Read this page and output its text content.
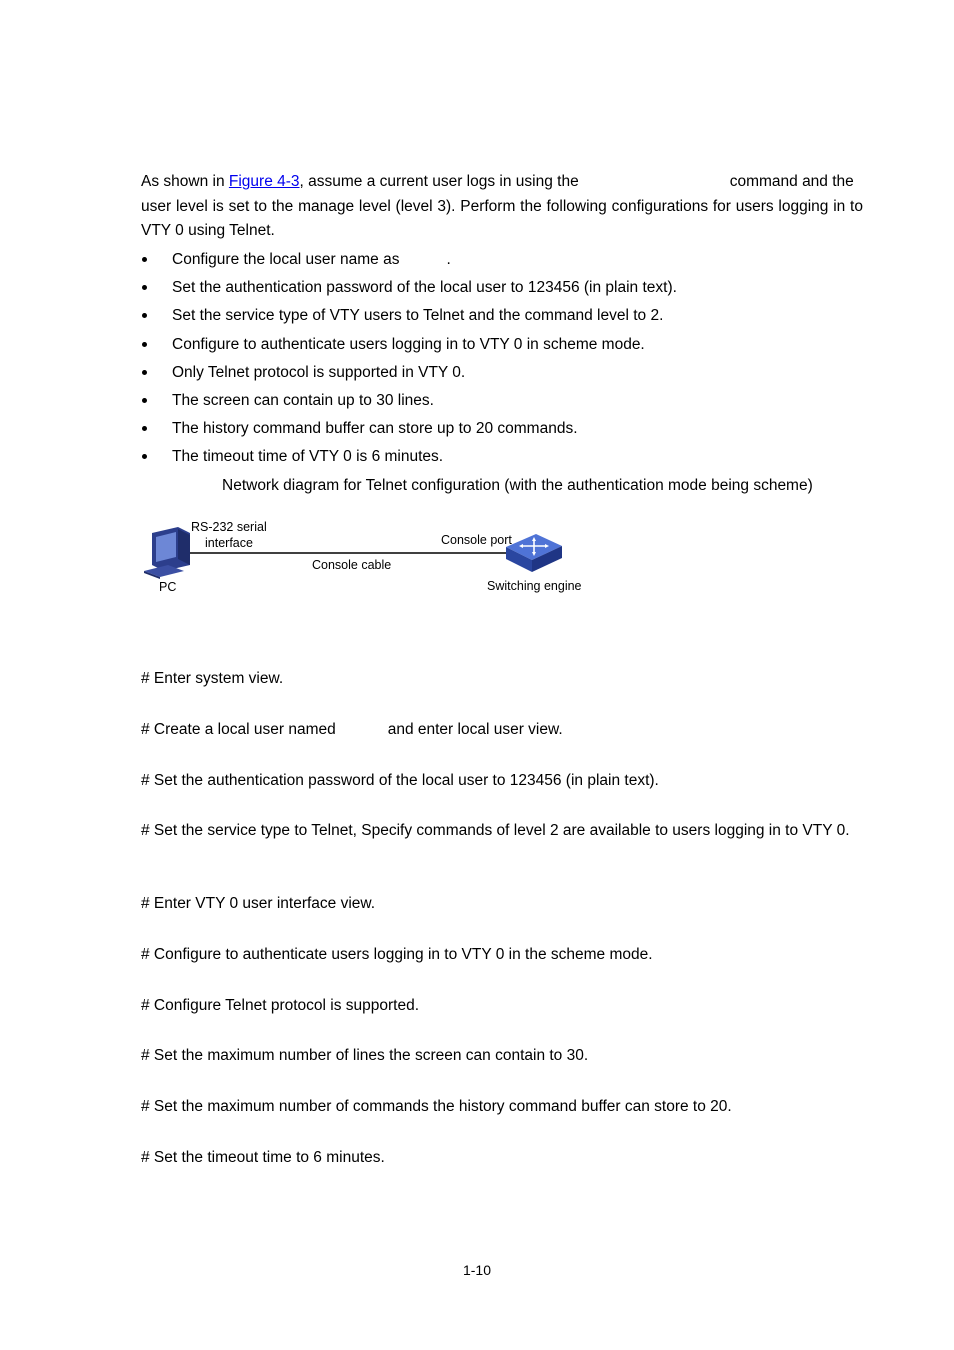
As shown in Figure 4-3, assume a current user logs in using the	command and the
user level is set to the manage level (level 3). Perform the following configurations for users logging in to
VTY 0 using Telnet.
Configure the local user name as	.
Set the authentication password of the local user to 123456 (in plain text).
Set the service type of VTY users to Telnet and the command level to 2.
Configure to authenticate users logging in to VTY 0 in scheme mode.
Only Telnet protocol is supported in VTY 0.
The screen can contain up to 30 lines.
The history command buffer can store up to 20 commands.
The timeout time of VTY 0 is 6 minutes.
Network diagram for Telnet configuration (with the authentication mode being scheme)
RS-232 serial
interface	Console port
Console cable
PC	Switching engine
# Enter system view.
# Create a local user named	and enter local user view.
# Set the authentication password of the local user to 123456 (in plain text).
# Set the service type to Telnet, Specify commands of level 2 are available to users logging in to VTY 0.
# Enter VTY 0 user interface view.
# Configure to authenticate users logging in to VTY 0 in the scheme mode.
# Configure Telnet protocol is supported.
# Set the maximum number of lines the screen can contain to 30.
# Set the maximum number of commands the history command buffer can store to 20.
# Set the timeout time to 6 minutes.
1-10
